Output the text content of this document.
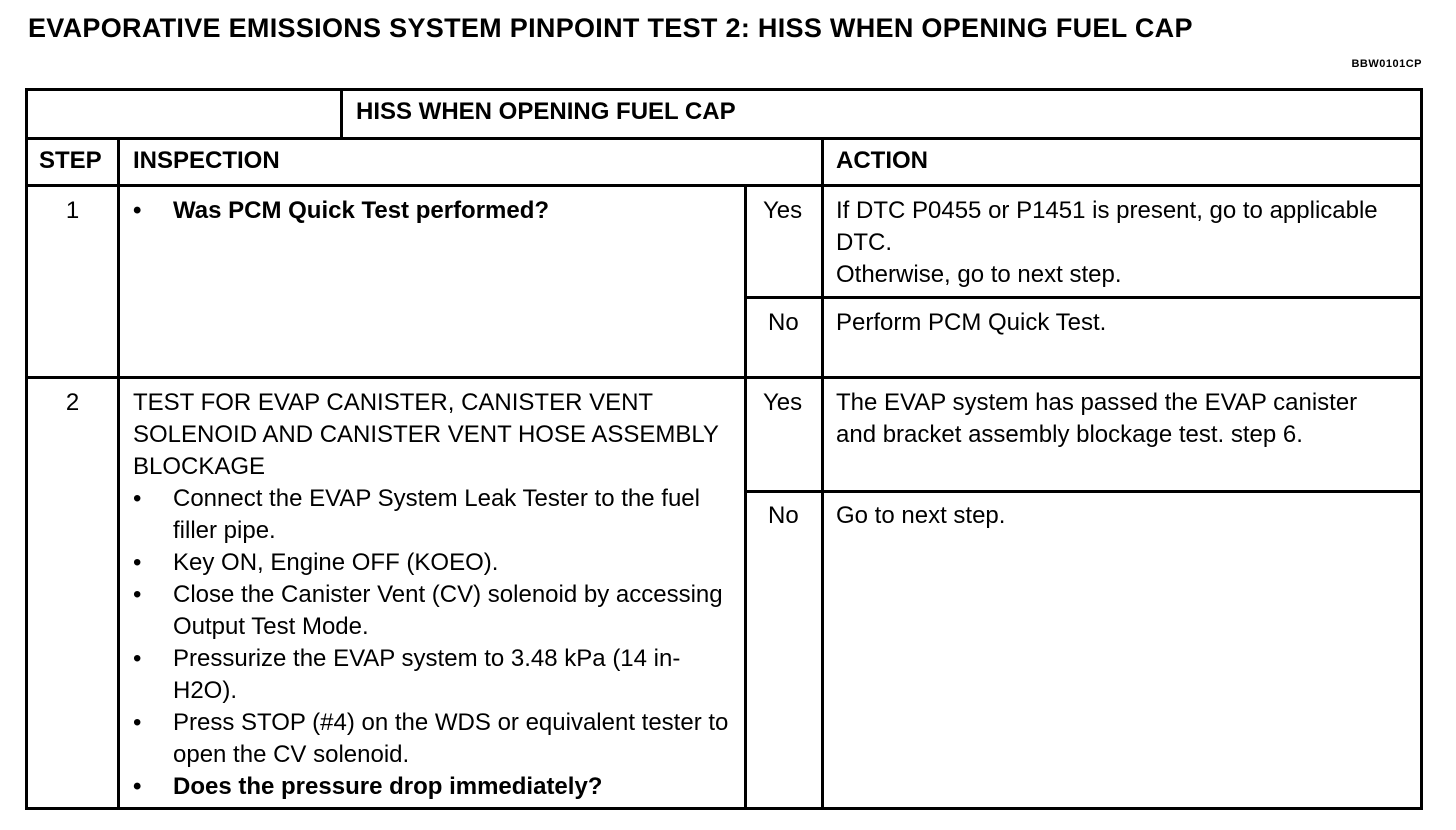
EVAPORATIVE EMISSIONS SYSTEM PINPOINT TEST 2: HISS WHEN OPENING FUEL CAP
BBW0101CP
HISS WHEN OPENING FUEL CAP
STEP INSPECTION	ACTION
1
•	Was PCM Quick Test performed?	Yes If DTC P0455 or P1451 is present, go to applicable DTC.
Otherwise, go to next step.
No Perform PCM Quick Test.
2	TEST FOR EVAP CANISTER, CANISTER VENT SOLENOID AND CANISTER VENT HOSE ASSEMBLY BLOCKAGE
• Connect the EVAP System Leak Tester to the fuel filler pipe.
• Key ON, Engine OFF (KOEO).
• Close the Canister Vent (CV) solenoid by accessing Output Test Mode.
• Pressurize the EVAP system to 3.48 kPa (14 in-H2O).
• Press STOP (#4) on the WDS or equivalent tester to open the CV solenoid.
• Does the pressure drop immediately?
Yes The EVAP system has passed the EVAP canister and bracket assembly blockage test. step 6.
No Go to next step.
